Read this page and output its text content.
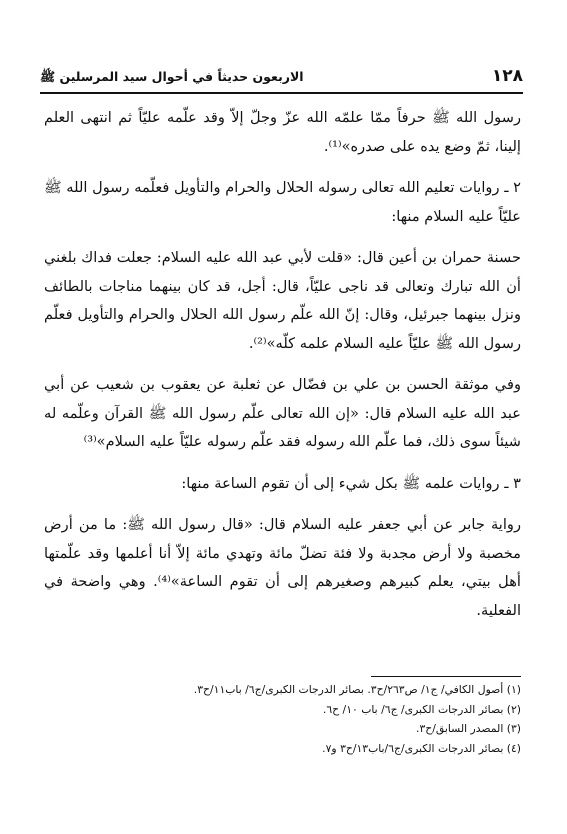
١٢٨
الاربعون حديثاً في أحوال سيد المرسلين ﷺ

رسول الله ﷺ حرفاً ممّا علمّه الله عزّ وجلّ إلاّ وقد علّمه عليّاً ثم انتهى العلم إلينا، ثمّ وضع يده على صدره»⁽¹⁾.

٢ ـ روايات تعليم الله تعالى رسوله الحلال والحرام والتأويل فعلّمه رسول الله ﷺ عليّاً عليه السلام منها:

حسنة حمران بن أعين قال: «قلت لأبي عبد الله عليه السلام: جعلت فداك بلغني أن الله تبارك وتعالى قد ناجى عليّاً، قال: أجل، قد كان بينهما مناجات بالطائف ونزل بينهما جبرئيل، وقال: إنّ الله علّم رسول الله الحلال والحرام والتأويل فعلّم رسول الله ﷺ عليّاً عليه السلام علمه كلّه»⁽²⁾.

وفي موثقة الحسن بن علي بن فضّال عن ثعلبة عن يعقوب بن شعيب عن أبي عبد الله عليه السلام قال: «إن الله تعالى علّم رسول الله ﷺ القرآن وعلّمه له شيئاً سوى ذلك، فما علّم الله رسوله فقد علّم رسوله عليّاً عليه السلام»⁽³⁾

٣ ـ روايات علمه ﷺ بكل شيء إلى أن تقوم الساعة منها:

رواية جابر عن أبي جعفر عليه السلام قال: «قال رسول الله ﷺ: ما من أرض مخصبة ولا أرض مجدبة ولا فئة تضلّ مائة وتهدي مائة إلاّ أنا أعلمها وقد علّمتها أهل بيتي، يعلم كبيرهم وصغيرهم إلى أن تقوم الساعة»⁽⁴⁾. وهي واضحة في الفعلية.

(١) أصول الكافي/ ج١/ ص٢٦٣/ح٣. بصائر الدرجات الكبرى/ج٦/ باب١١/ح٣.

(٢) بصائر الدرجات الكبرى/ ج٦/ باب ١٠/ ح٦.

(٣) المصدر السابق/ح٣.

(٤) بصائر الدرجات الكبرى/ج٦/باب١٣/ح٣ و٧.
